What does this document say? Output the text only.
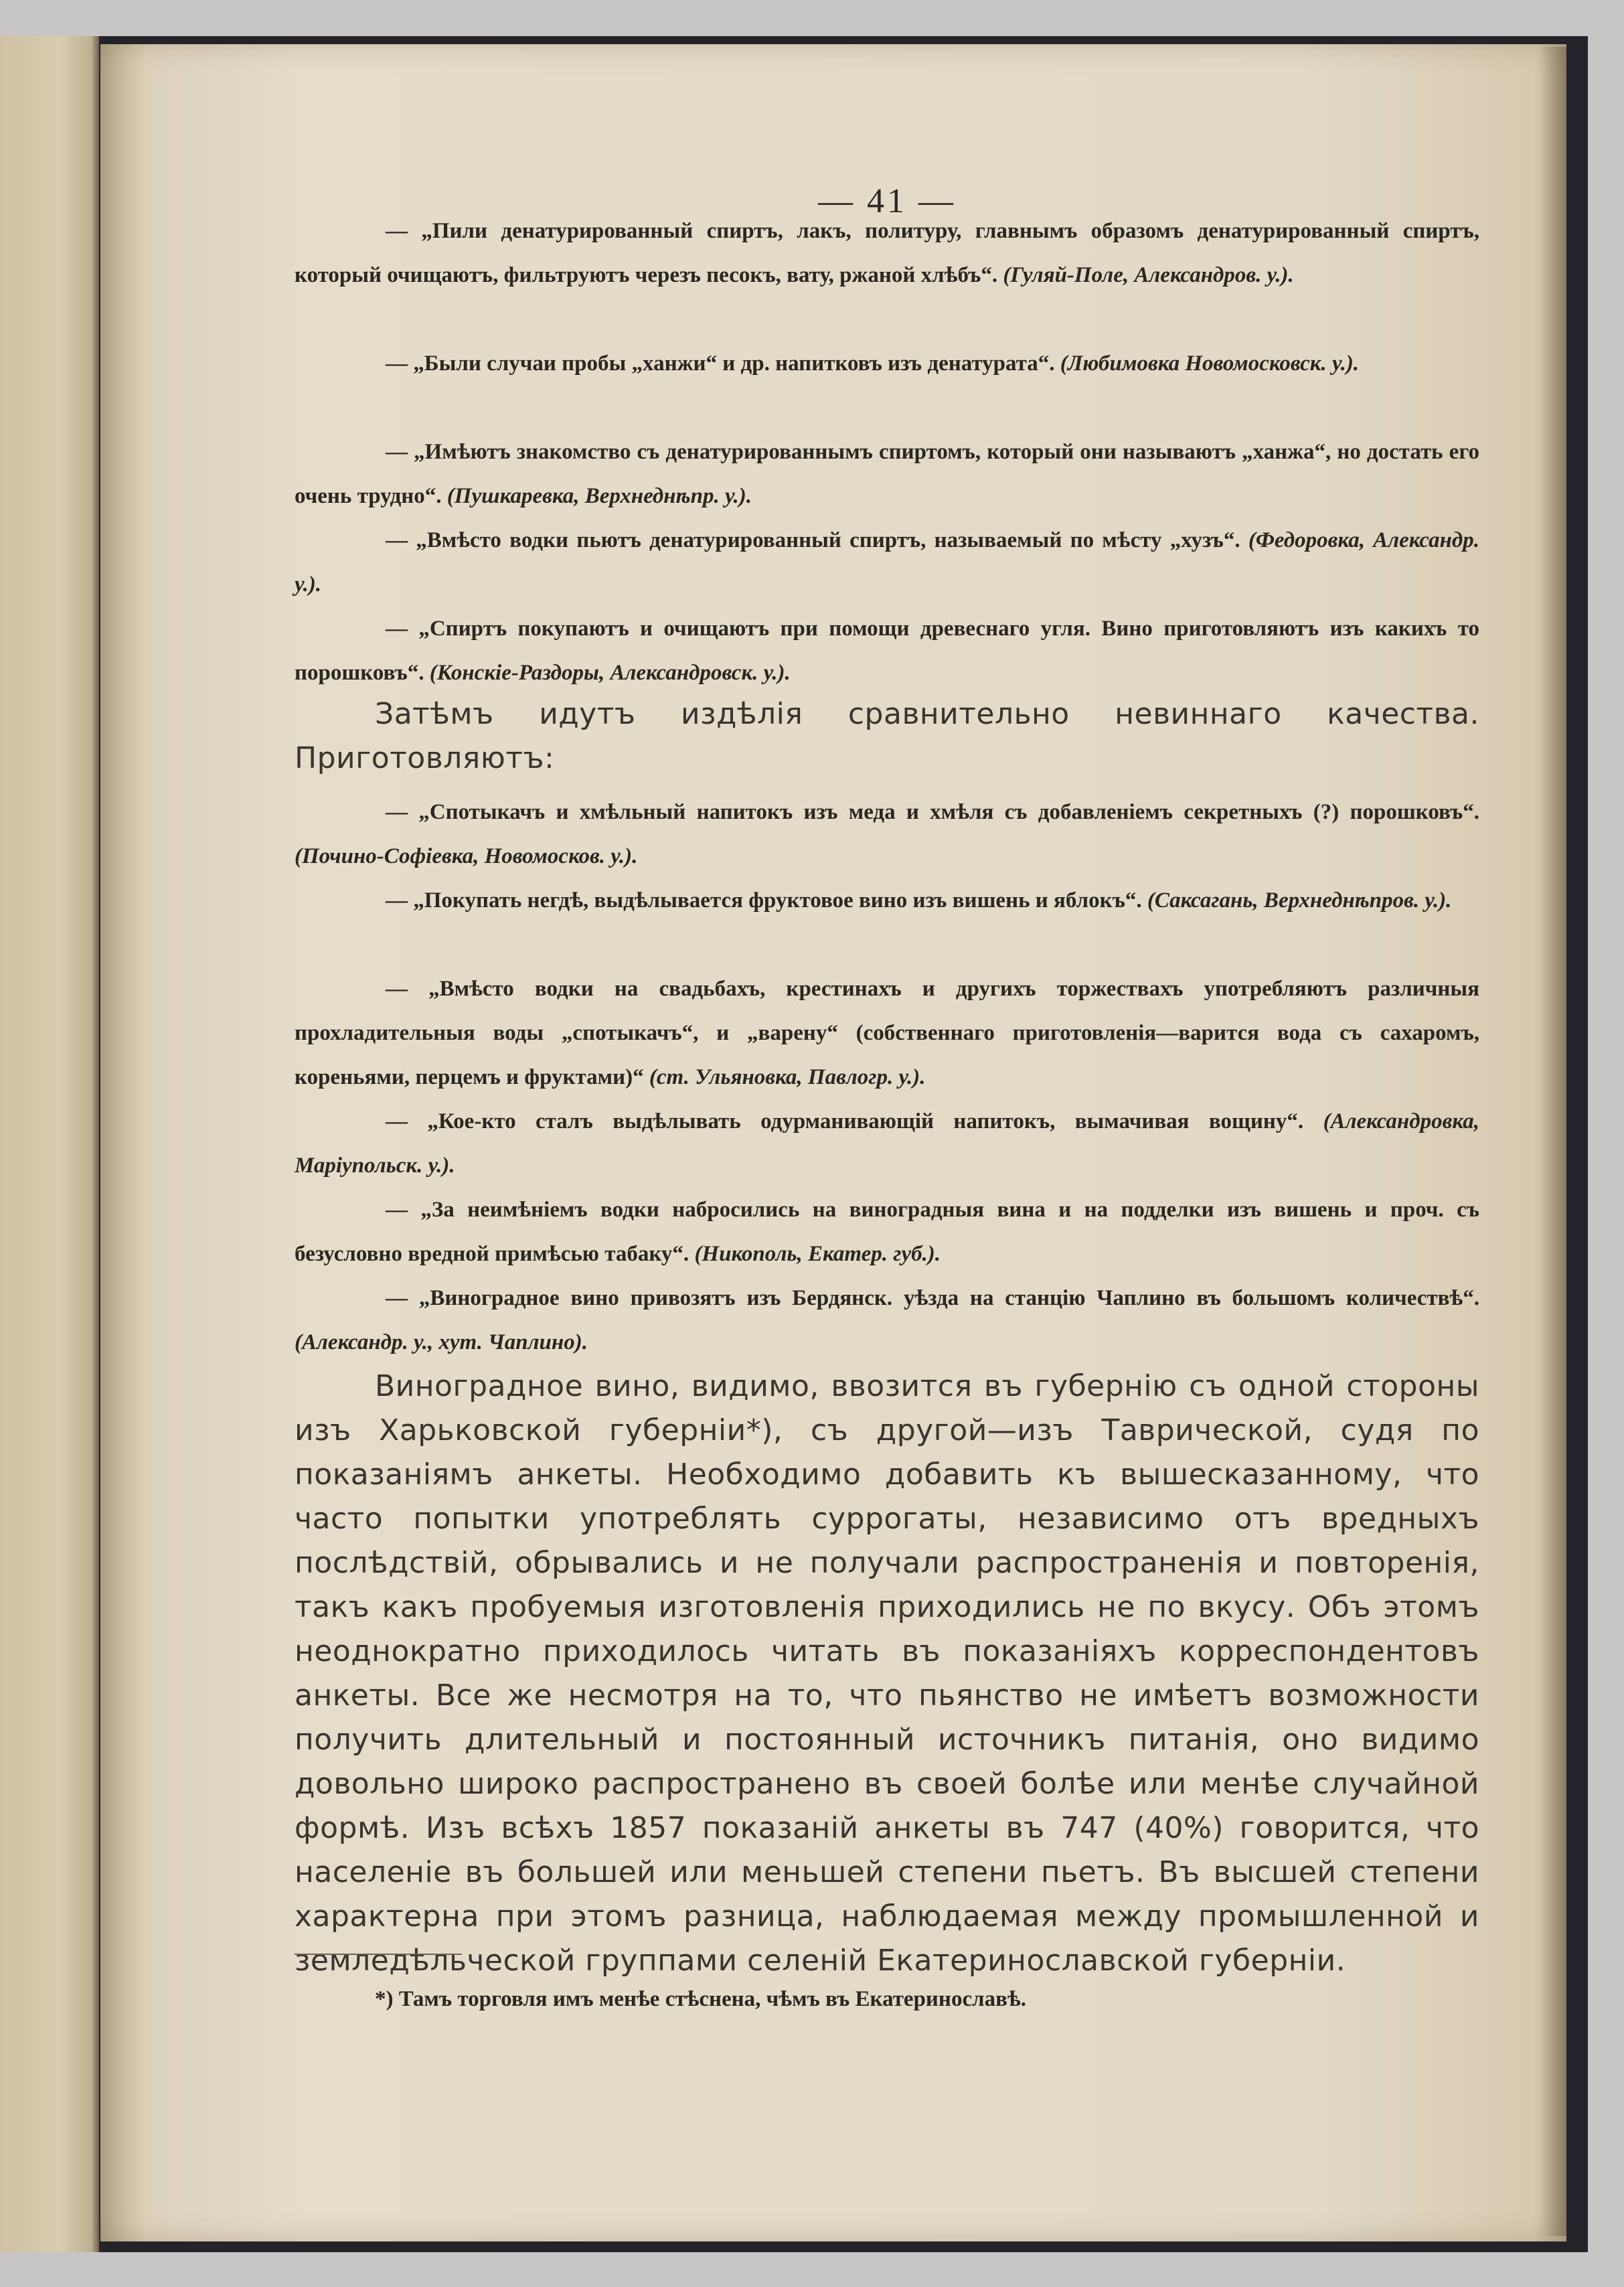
— 41 —

— „Пили денатурированный спиртъ, лакъ, политуру, главнымъ образомъ денатурированный спиртъ, который очищаютъ, фильтруютъ черезъ песокъ, вату, ржаной хлѣбъ“. (Гуляй-Поле, Александров. у.).

— „Были случаи пробы „ханжи“ и др. напитковъ изъ денатурата“. (Любимовка Новомосковск. у.).

— „Имѣютъ знакомство съ денатурированнымъ спиртомъ, который они называютъ „ханжа“, но достать его очень трудно“. (Пушкаревка, Верхнеднѣпр. у.).

— „Вмѣсто водки пьютъ денатурированный спиртъ, называемый по мѣсту „хузъ“. (Федоровка, Александр. у.).

— „Спиртъ покупаютъ и очищаютъ при помощи древеснаго угля. Вино приготовляютъ изъ какихъ то порошковъ“. (Конскіе-Раздоры, Александровск. у.).

Затѣмъ идутъ издѣлія сравнительно невиннаго качества. Приготовляютъ:

— „Спотыкачъ и хмѣльный напитокъ изъ меда и хмѣля съ добавленіемъ секретныхъ (?) порошковъ“. (Почино-Софіевка, Новомосков. у.).

— „Покупать негдѣ, выдѣлывается фруктовое вино изъ вишень и яблокъ“. (Саксагань, Верхнеднѣпров. у.).

— „Вмѣсто водки на свадьбахъ, крестинахъ и другихъ торжествахъ употребляютъ различныя прохладительныя воды „спотыкачъ“, и „варену“ (собственнаго приготовленія—варится вода съ сахаромъ, кореньями, перцемъ и фруктами)“ (ст. Ульяновка, Павлогр. у.).

— „Кое-кто сталъ выдѣлывать одурманивающій напитокъ, вымачивая вощину“. (Александровка, Маріупольск. у.).

— „За неимѣніемъ водки набросились на виноградныя вина и на подделки изъ вишень и проч. съ безусловно вредной примѣсью табаку“. (Никополь, Екатер. губ.).

— „Виноградное вино привозятъ изъ Бердянск. уѣзда на станцію Чаплино въ большомъ количествѣ“. (Александр. у., хут. Чаплино).

Виноградное вино, видимо, ввозится въ губернію съ одной стороны изъ Харьковской губерніи*), съ другой—изъ Таврической, судя по показаніямъ анкеты. Необходимо добавить къ вышесказанному, что часто попытки употреблять суррогаты, независимо отъ вредныхъ послѣдствій, обрывались и не получали распространенія и повторенія, такъ какъ пробуемыя изготовленія приходились не по вкусу. Объ этомъ неоднократно приходилось читать въ показаніяхъ корреспондентовъ анкеты. Все же несмотря на то, что пьянство не имѣетъ возможности получить длительный и постоянный источникъ питанія, оно видимо довольно широко распространено въ своей болѣе или менѣе случайной формѣ. Изъ всѣхъ 1857 показаній анкеты въ 747 (40%) говорится, что населеніе въ большей или меньшей степени пьетъ. Въ высшей степени характерна при этомъ разница, наблюдаемая между промышленной и земледѣльческой группами селеній Екатеринославской губерніи.

*) Тамъ торговля имъ менѣе стѣснена, чѣмъ въ Екатеринославѣ.
